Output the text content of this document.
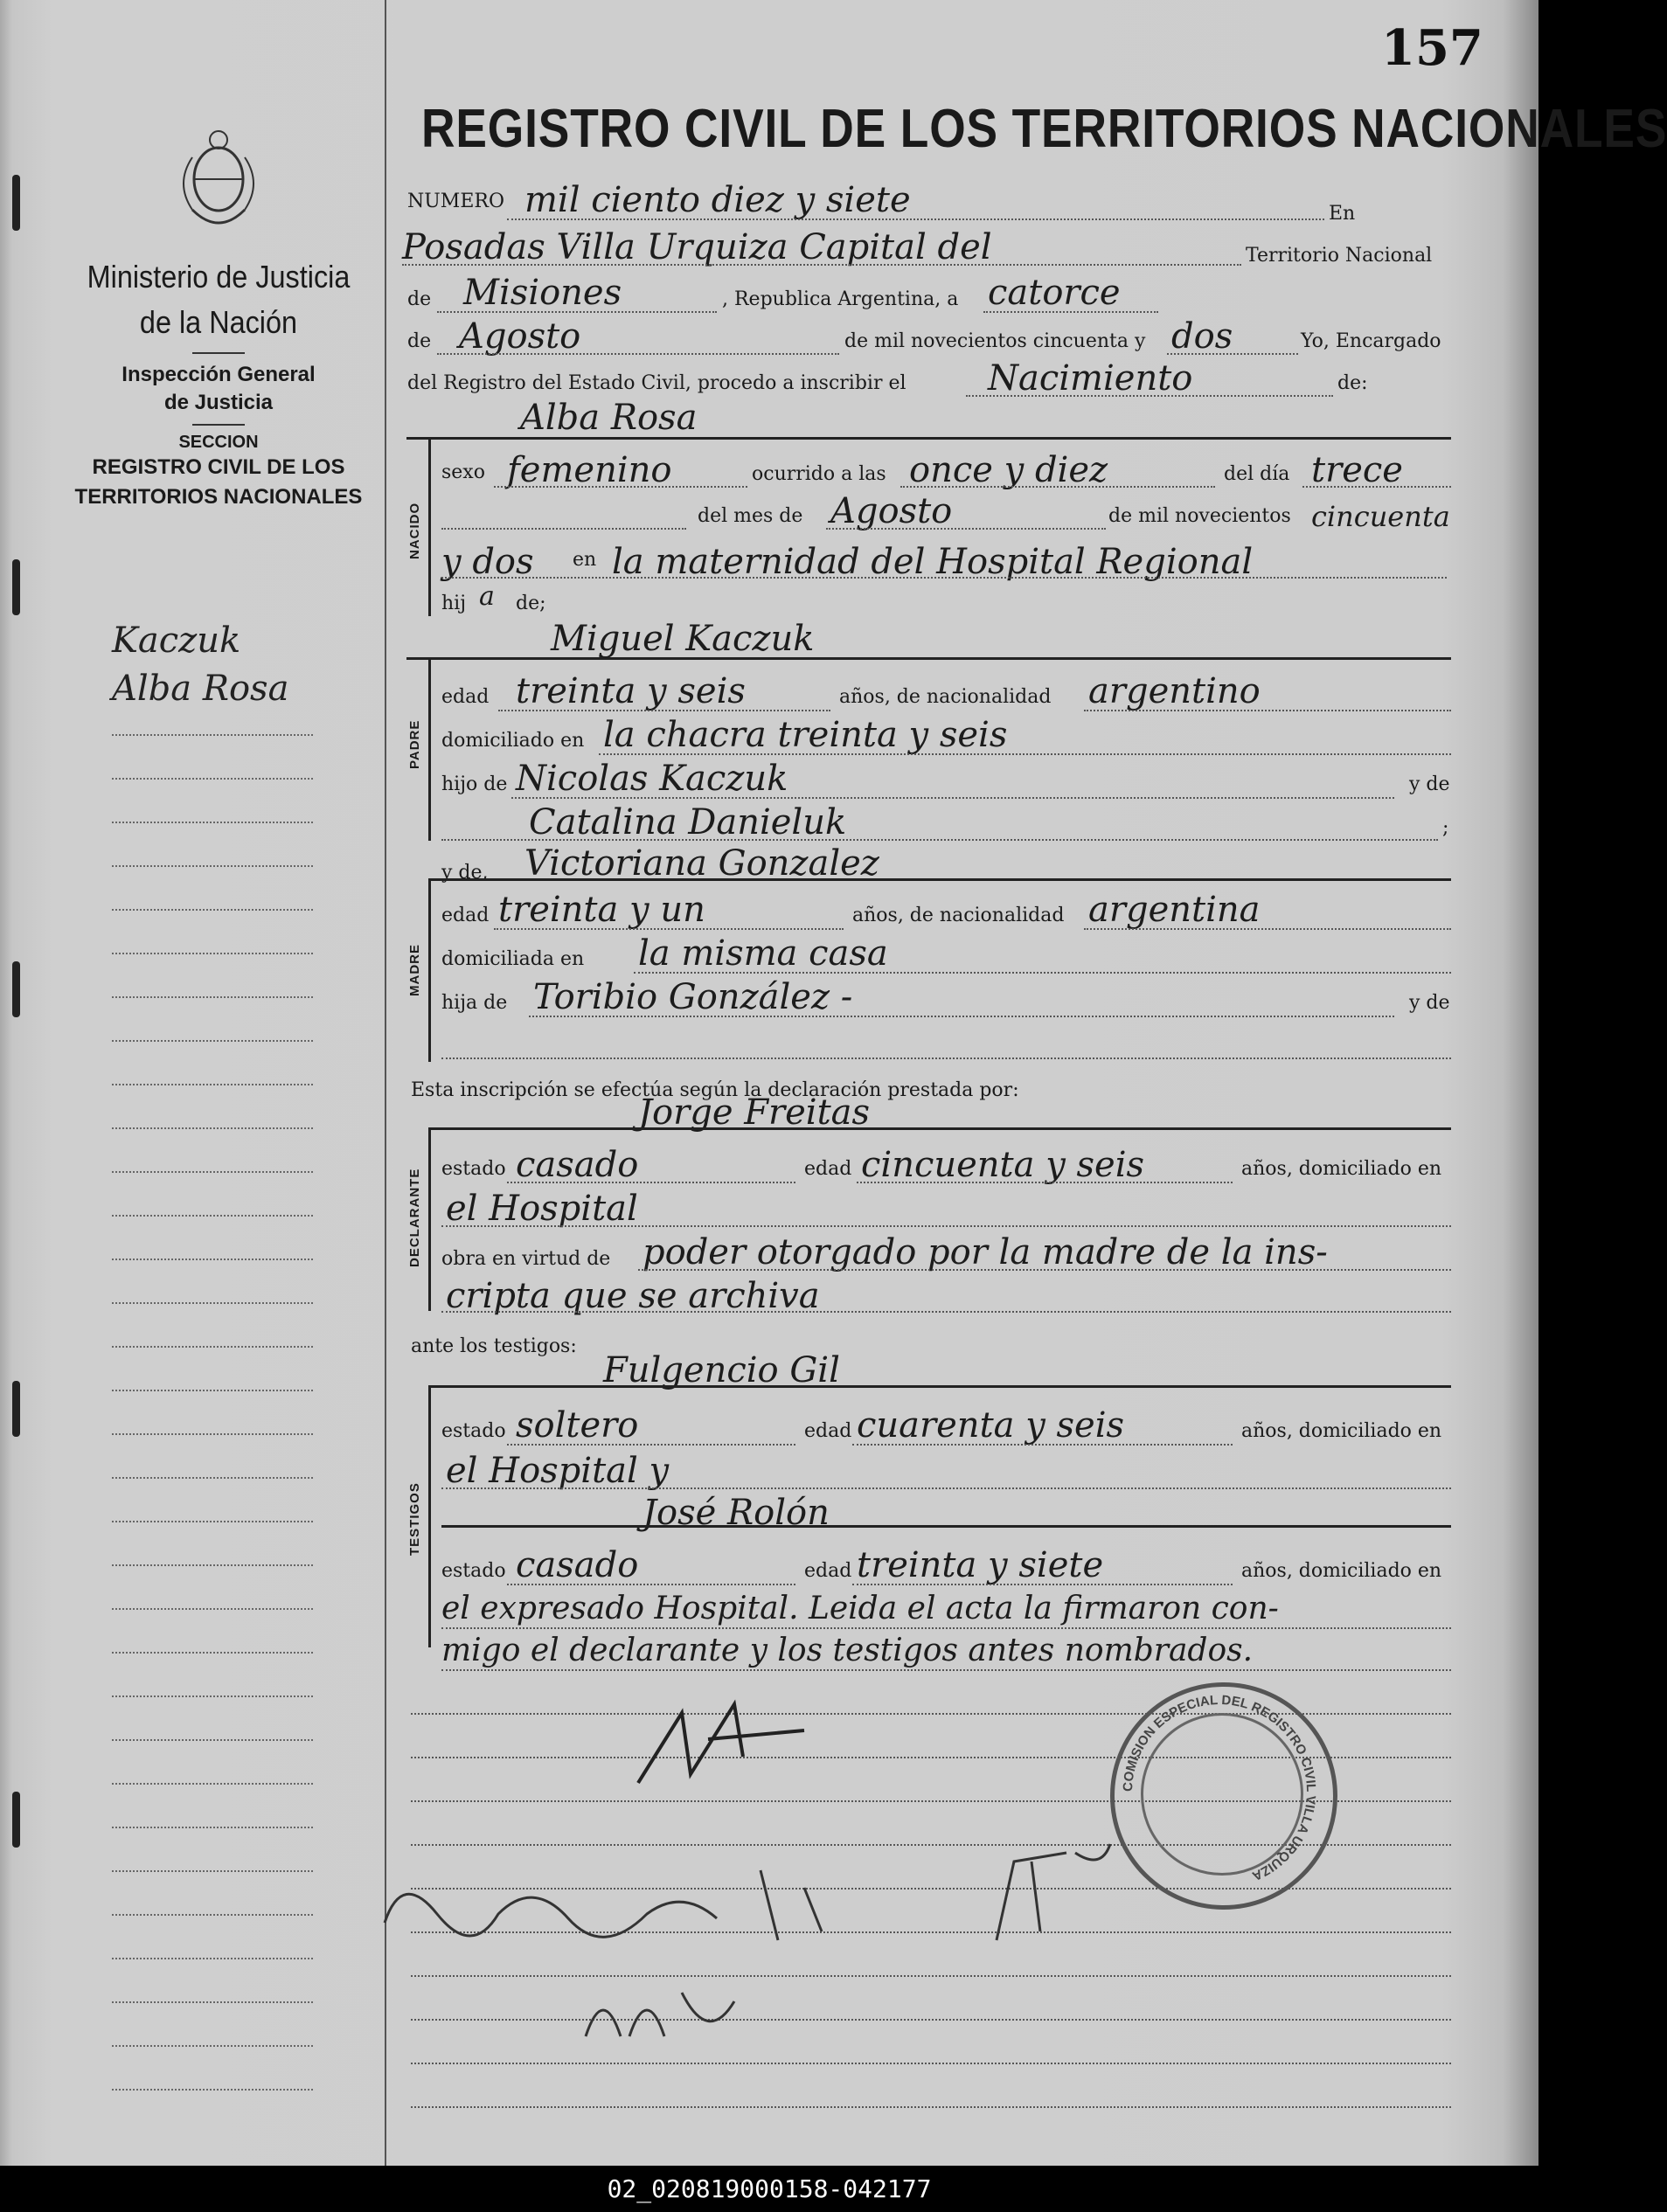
157
REGISTRO CIVIL DE LOS TERRITORIOS NACIONALES
Ministerio de Justicia
de la Nación
Inspección General
de Justicia
SECCION
REGISTRO CIVIL DE LOS
TERRITORIOS NACIONALES
Kaczuk
Alba Rosa
NUMERO mil ciento diez y siete	En
Posadas Villa Urquiza Capital del	Territorio Nacional
de Misiones	, Republica Argentina, a catorce
de Agosto	de mil novecientos cincuenta y dos	Yo, Encargado
del Registro del Estado Civil, procedo a inscribir el Nacimiento	de:
Alba Rosa
NACIDO
sexo femenino	ocurrido a las once y diez	del día trece
del mes de Agosto	de mil novecientos cincuenta
y dos en la maternidad del Hospital Regional
hij a de;
Miguel Kaczuk
PADRE
edad treinta y seis	años, de nacionalidad argentino
domiciliado en la chacra treinta y seis
hijo de Nicolas Kaczuk	y de
Catalina Danieluk	;
y de, Victoriana Gonzalez
MADRE
edad treinta y un	años, de nacionalidad argentina
domiciliada en la misma casa
hija de Toribio González -	y de
Esta inscripción se efectúa según la declaración prestada por:
Jorge Freitas
DECLARANTE estado casado	edad cincuenta y seis	años, domiciliado en
el Hospital
obra en virtud de poder otorgado por la madre de la ins-
cripta que se archiva
ante los testigos:
Fulgencio Gil
TESTIGOS
estado soltero	edad cuarenta y seis	años, domiciliado en
el Hospital y
José Rolón
estado casado	edad treinta y siete	años, domiciliado en
el expresado Hospital. Leida el acta la firmaron con-
migo el declarante y los testigos antes nombrados.
COMISION ESPECIAL DEL REGISTRO CIVIL VILLA URQUIZA
02_020819000158-042177
